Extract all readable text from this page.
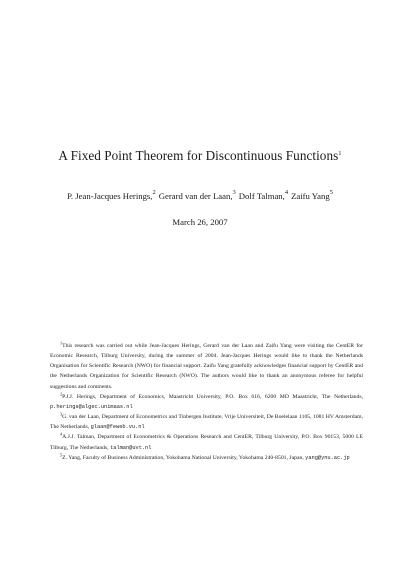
A Fixed Point Theorem for Discontinuous Functions$^1$
P. Jean-Jacques Herings,$^2$ Gerard van der Laan,$^3$ Dolf Talman,$^4$ Zaifu Yang$^5$
March 26, 2007

$^1$This research was carried out while Jean-Jacques Herings, Gerard van der Laan and Zaifu Yang were visiting the CentER for Economic Research, Tilburg University, during the summer of 2004. Jean-Jacques Herings would like to thank the Netherlands Organisation for Scientific Research (NWO) for financial support. Zaifu Yang gratefully acknowledges financial support by CentER and the Netherlands Organization for Scientific Research (NWO). The authors would like to thank an anonymous referee for helpful suggestions and comments.

$^2$P.J.J. Herings, Department of Economics, Maastricht University, P.O. Box 616, 6200 MD Maastricht, The Netherlands, p.herings@algec.unimaas.nl

$^3$G. van der Laan, Department of Econometrics and Tinbergen Institute, Vrije Universiteit, De Boelelaan 1105, 1081 HV Amsterdam, The Netherlands, glaan@feweb.vu.nl

$^4$A.J.J. Talman, Department of Econometrics & Operations Research and CentER, Tilburg University, P.O. Box 90153, 5000 LE Tilburg, The Netherlands, talman@uvt.nl

$^5$Z. Yang, Faculty of Business Administration, Yokohama National University, Yokohama 240-8501, Japan, yang@ynu.ac.jp
